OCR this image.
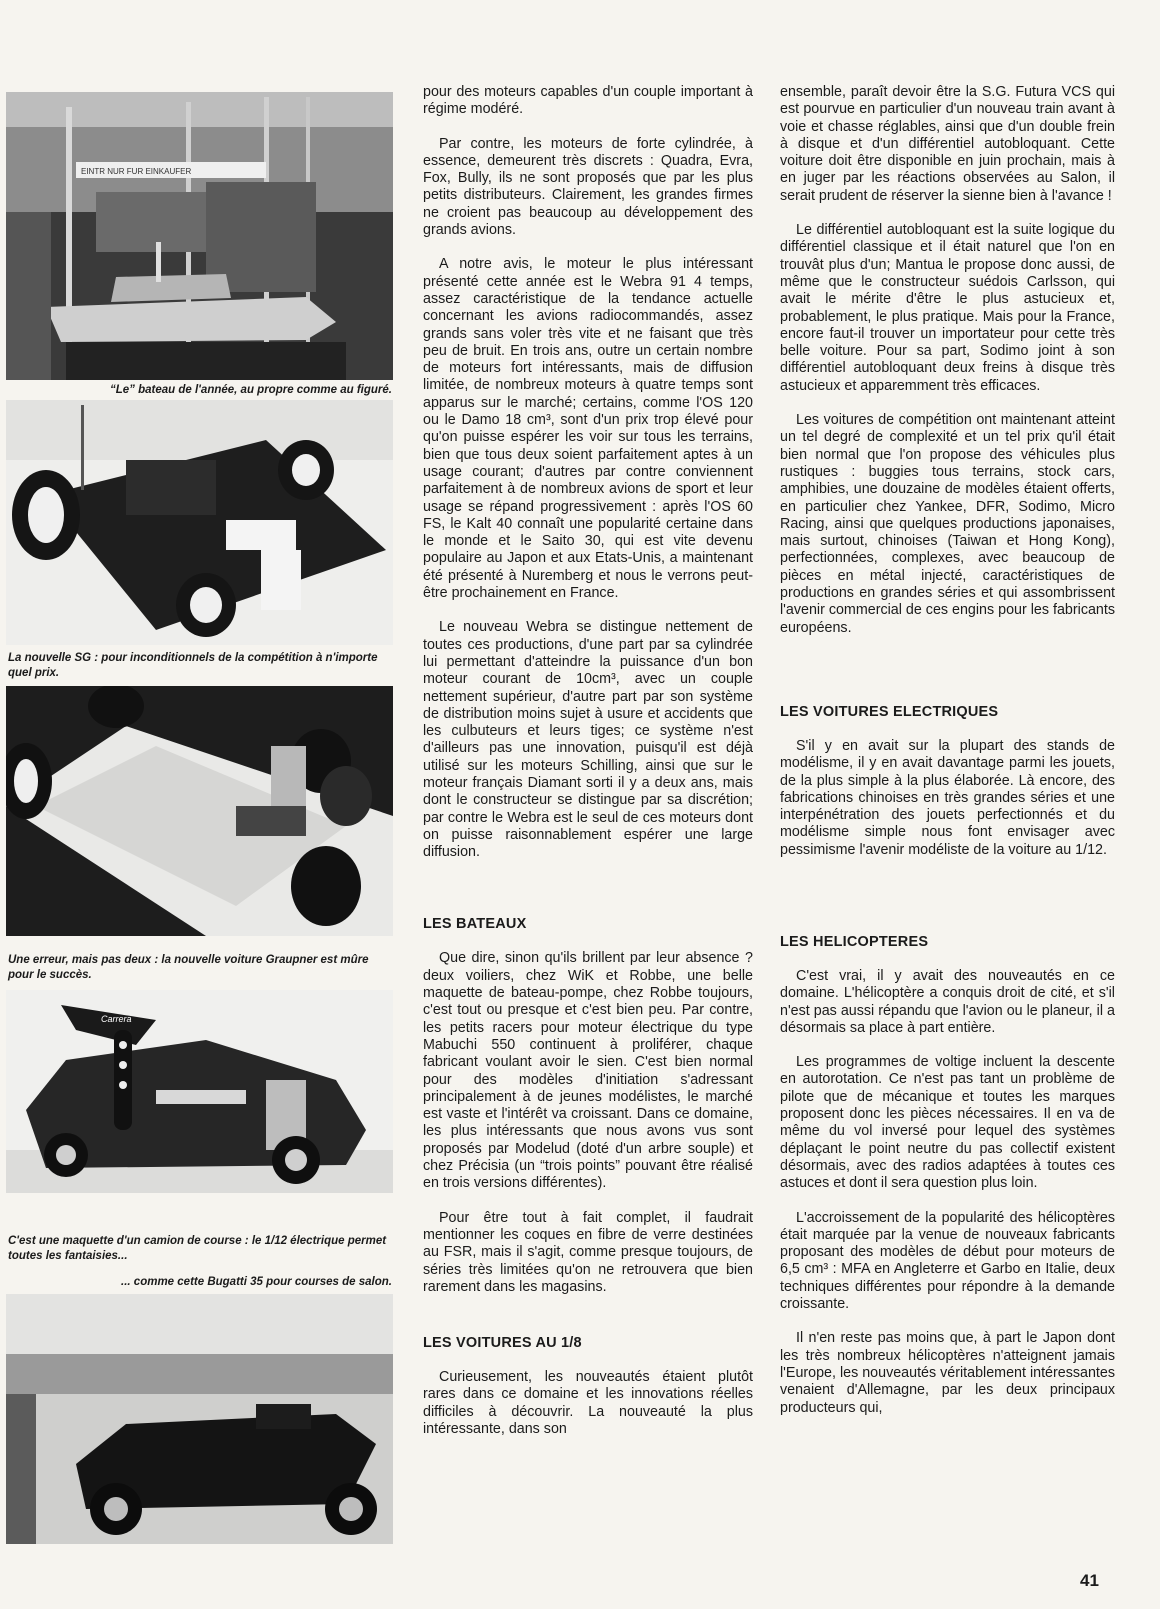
EINTR NUR FUR EINKAUFER
“Le” bateau de l'année, au propre comme au figuré.
La nouvelle SG : pour inconditionnels de la compétition à n'importe quel prix.
Une erreur, mais pas deux : la nouvelle voiture Graupner est mûre pour le succès.
Carrera
C'est une maquette d'un camion de course : le 1/12 électrique permet toutes les fantaisies...
... comme cette Bugatti 35 pour courses de salon.

pour des moteurs capables d'un couple important à régime modéré.

Par contre, les moteurs de forte cylindrée, à essence, demeurent très discrets : Quadra, Evra, Fox, Bully, ils ne sont proposés que par les plus petits distributeurs. Clairement, les grandes firmes ne croient pas beaucoup au développement des grands avions.

A notre avis, le moteur le plus intéressant présenté cette année est le Webra 91 4 temps, assez caractéristique de la tendance actuelle concernant les avions radiocommandés, assez grands sans voler très vite et ne faisant que très peu de bruit. En trois ans, outre un certain nombre de moteurs fort intéressants, mais de diffusion limitée, de nombreux moteurs à quatre temps sont apparus sur le marché; certains, comme l'OS 120 ou le Damo 18 cm³, sont d'un prix trop élevé pour qu'on puisse espérer les voir sur tous les terrains, bien que tous deux soient parfaitement aptes à un usage courant; d'autres par contre conviennent parfaitement à de nombreux avions de sport et leur usage se répand progressivement : après l'OS 60 FS, le Kalt 40 connaît une popularité certaine dans le monde et le Saito 30, qui est vite devenu populaire au Japon et aux Etats-Unis, a maintenant été présenté à Nuremberg et nous le verrons peut-être prochainement en France.

Le nouveau Webra se distingue nettement de toutes ces productions, d'une part par sa cylindrée lui permettant d'atteindre la puissance d'un bon moteur courant de 10cm³, avec un couple nettement supérieur, d'autre part par son système de distribution moins sujet à usure et accidents que les culbuteurs et leurs tiges; ce système n'est d'ailleurs pas une innovation, puisqu'il est déjà utilisé sur les moteurs Schilling, ainsi que sur le moteur français Diamant sorti il y a deux ans, mais dont le constructeur se distingue par sa discrétion; par contre le Webra est le seul de ces moteurs dont on puisse raisonnablement espérer une large diffusion.

LES BATEAUX

Que dire, sinon qu'ils brillent par leur absence ? deux voiliers, chez WiK et Robbe, une belle maquette de bateau-pompe, chez Robbe toujours, c'est tout ou presque et c'est bien peu. Par contre, les petits racers pour moteur électrique du type Mabuchi 550 continuent à proliférer, chaque fabricant voulant avoir le sien. C'est bien normal pour des modèles d'initiation s'adressant principalement à de jeunes modélistes, le marché est vaste et l'intérêt va croissant. Dans ce domaine, les plus intéressants que nous avons vus sont proposés par Modelud (doté d'un arbre souple) et chez Précisia (un “trois points” pouvant être réalisé en trois versions différentes).

Pour être tout à fait complet, il faudrait mentionner les coques en fibre de verre destinées au FSR, mais il s'agit, comme presque toujours, de séries très limitées qu'on ne retrouvera que bien rarement dans les magasins.

LES VOITURES AU 1/8

Curieusement, les nouveautés étaient plutôt rares dans ce domaine et les innovations réelles difficiles à découvrir. La nouveauté la plus intéressante, dans son

ensemble, paraît devoir être la S.G. Futura VCS qui est pourvue en particulier d'un nouveau train avant à voie et chasse réglables, ainsi que d'un double frein à disque et d'un différentiel autobloquant. Cette voiture doit être disponible en juin prochain, mais à en juger par les réactions observées au Salon, il serait prudent de réserver la sienne bien à l'avance !

Le différentiel autobloquant est la suite logique du différentiel classique et il était naturel que l'on en trouvât plus d'un; Mantua le propose donc aussi, de même que le constructeur suédois Carlsson, qui avait le mérite d'être le plus astucieux et, probablement, le plus pratique. Mais pour la France, encore faut-il trouver un importateur pour cette très belle voiture. Pour sa part, Sodimo joint à son différentiel autobloquant deux freins à disque très astucieux et apparemment très efficaces.

Les voitures de compétition ont maintenant atteint un tel degré de complexité et un tel prix qu'il était bien normal que l'on propose des véhicules plus rustiques : buggies tous terrains, stock cars, amphibies, une douzaine de modèles étaient offerts, en particulier chez Yankee, DFR, Sodimo, Micro Racing, ainsi que quelques productions japonaises, mais surtout, chinoises (Taiwan et Hong Kong), perfectionnées, complexes, avec beaucoup de pièces en métal injecté, caractéristiques de productions en grandes séries et qui assombrissent l'avenir commercial de ces engins pour les fabricants européens.

LES VOITURES ELECTRIQUES

S'il y en avait sur la plupart des stands de modélisme, il y en avait davantage parmi les jouets, de la plus simple à la plus élaborée. Là encore, des fabrications chinoises en très grandes séries et une interpénétration des jouets perfectionnés et du modélisme simple nous font envisager avec pessimisme l'avenir modéliste de la voiture au 1/12.

LES HELICOPTERES

C'est vrai, il y avait des nouveautés en ce domaine. L'hélicoptère a conquis droit de cité, et s'il n'est pas aussi répandu que l'avion ou le planeur, il a désormais sa place à part entière.

Les programmes de voltige incluent la descente en autorotation. Ce n'est pas tant un problème de pilote que de mécanique et toutes les marques proposent donc les pièces nécessaires. Il en va de même du vol inversé pour lequel des systèmes déplaçant le point neutre du pas collectif existent désormais, avec des radios adaptées à toutes ces astuces et dont il sera question plus loin.

L'accroissement de la popularité des hélicoptères était marquée par la venue de nouveaux fabricants proposant des modèles de début pour moteurs de 6,5 cm³ : MFA en Angleterre et Garbo en Italie, deux techniques différentes pour répondre à la demande croissante.

Il n'en reste pas moins que, à part le Japon dont les très nombreux hélicoptères n'atteignent jamais l'Europe, les nouveautés véritablement intéressantes venaient d'Allemagne, par les deux principaux producteurs qui,

41
